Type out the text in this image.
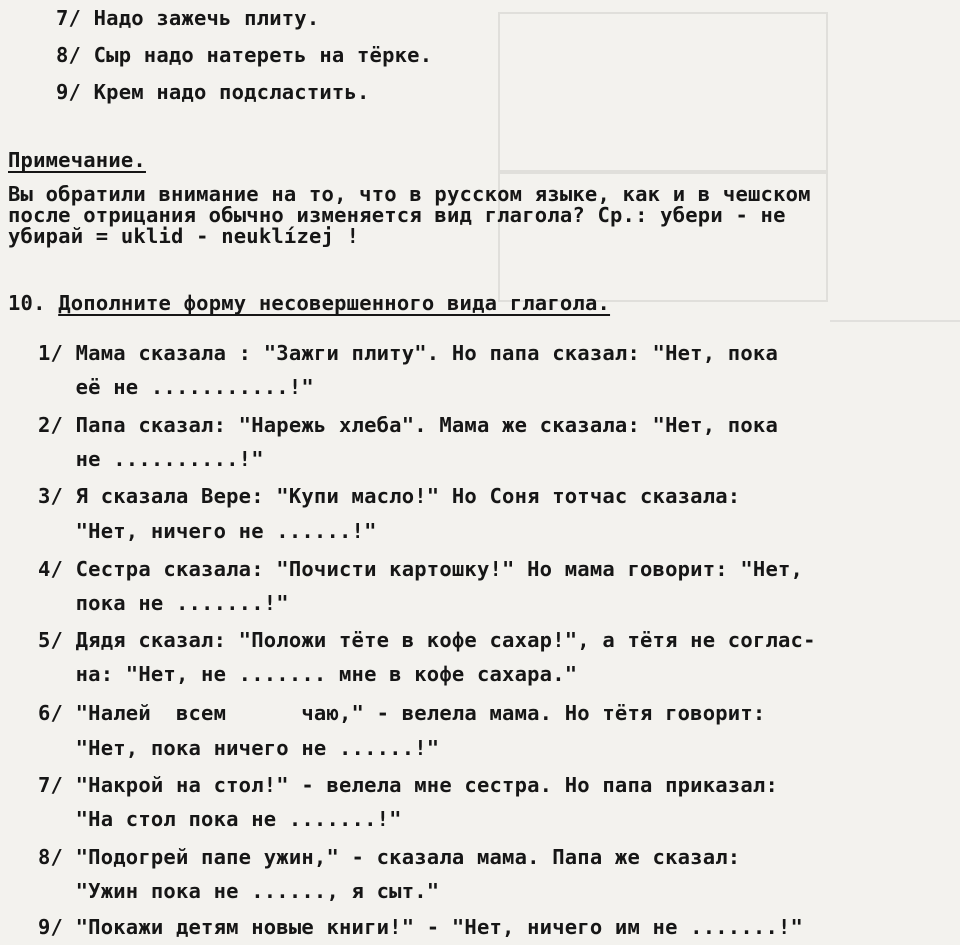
7/ Надо зажечь плиту.
8/ Сыр надо натереть на тёрке.
9/ Крем надо подсластить.
Примечание.
Вы обратили внимание на то, что в русском языке, как и в чешском
после отрицания обычно изменяется вид глагола? Ср.: убери - не
убирай = uklid - neuklízej !
10. Дополните форму несовершенного вида глагола.
1/ Мама сказала : "Зажги плиту". Но папа сказал: "Нет, пока
её не ...........!"
2/ Папа сказал: "Нарежь хлеба". Мама же сказала: "Нет, пока
не ..........!"
3/ Я сказала Вере: "Купи масло!" Но Соня тотчас сказала:
"Нет, ничего не ......!"
4/ Сестра сказала: "Почисти картошку!" Но мама говорит: "Нет,
пока не .......!"
5/ Дядя сказал: "Положи тёте в кофе сахар!", а тётя не соглас-
на: "Нет, не ....... мне в кофе сахара."
6/ "Налей  всем      чаю," - велела мама. Но тётя говорит:
"Нет, пока ничего не ......!"
7/ "Накрой на стол!" - велела мне сестра. Но папа приказал:
"На стол пока не .......!"
8/ "Подогрей папе ужин," - сказала мама. Папа же сказал:
"Ужин пока не ......, я сыт."
9/ "Покажи детям новые книги!" - "Нет, ничего им не .......!"
